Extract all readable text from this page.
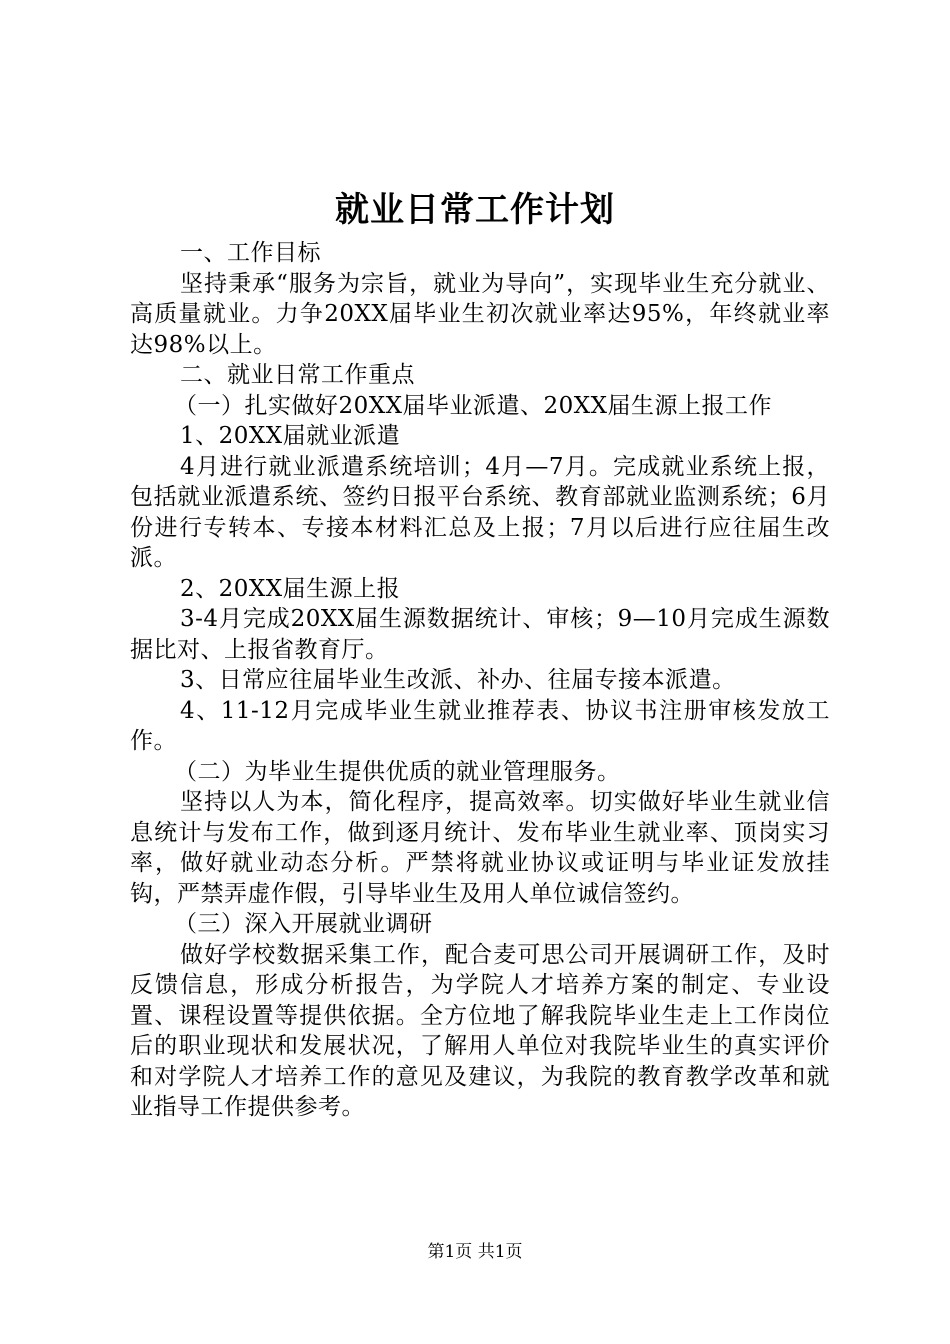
就业日常工作计划

一、工作目标

坚持秉承“服务为宗旨，就业为导向”，实现毕业生充分就业、高质量就业。力争20XX届毕业生初次就业率达95%，年终就业率达98%以上。

二、就业日常工作重点

（一）扎实做好20XX届毕业派遣、20XX届生源上报工作

1、20XX届就业派遣

4月进行就业派遣系统培训；4月—7月。完成就业系统上报，包括就业派遣系统、签约日报平台系统、教育部就业监测系统；6月份进行专转本、专接本材料汇总及上报；7月以后进行应往届生改派。

2、20XX届生源上报

3-4月完成20XX届生源数据统计、审核；9—10月完成生源数据比对、上报省教育厅。

3、日常应往届毕业生改派、补办、往届专接本派遣。

4、11-12月完成毕业生就业推荐表、协议书注册审核发放工作。

（二）为毕业生提供优质的就业管理服务。

坚持以人为本，简化程序，提高效率。切实做好毕业生就业信息统计与发布工作，做到逐月统计、发布毕业生就业率、顶岗实习率，做好就业动态分析。严禁将就业协议或证明与毕业证发放挂钩，严禁弄虚作假，引导毕业生及用人单位诚信签约。

（三）深入开展就业调研

做好学校数据采集工作，配合麦可思公司开展调研工作，及时反馈信息，形成分析报告，为学院人才培养方案的制定、专业设置、课程设置等提供依据。全方位地了解我院毕业生走上工作岗位后的职业现状和发展状况，了解用人单位对我院毕业生的真实评价和对学院人才培养工作的意见及建议，为我院的教育教学改革和就业指导工作提供参考。

第1页 共1页
